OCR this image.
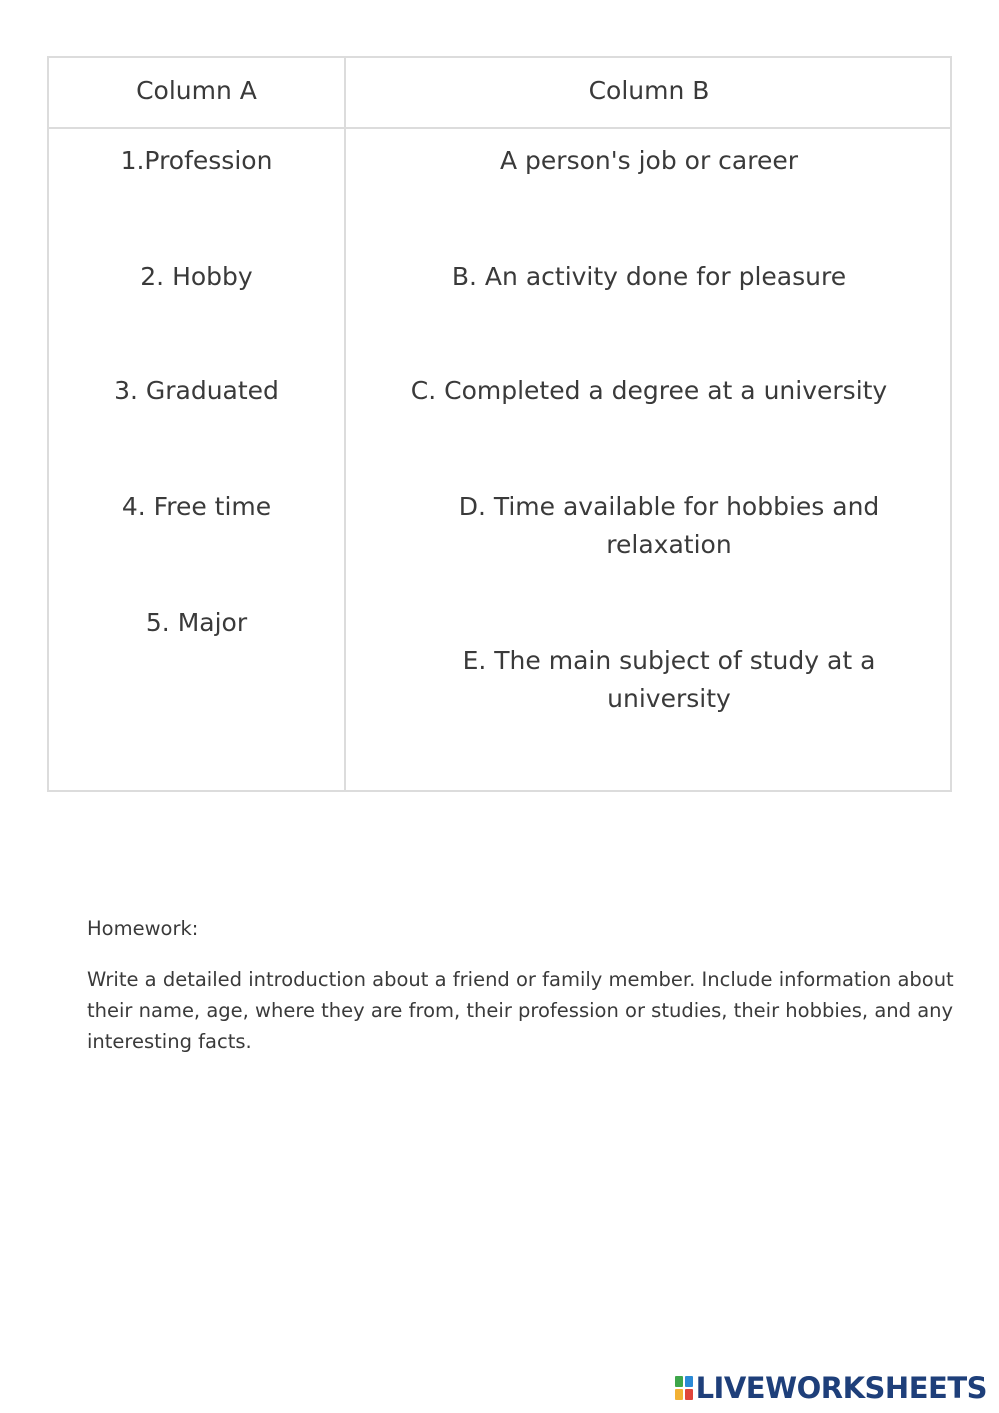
Column A	Column B
1.Profession
2. Hobby
3. Graduated
4. Free time
5. Major
A person's job or career
B. An activity done for pleasure
C. Completed a degree at a university
D. Time available for hobbies and relaxation
E. The main subject of study at a university
Homework:
Write a detailed introduction about a friend or family member. Include information about their name, age, where they are from, their profession or studies, their hobbies, and any interesting facts.
LIVEWORKSHEETS
